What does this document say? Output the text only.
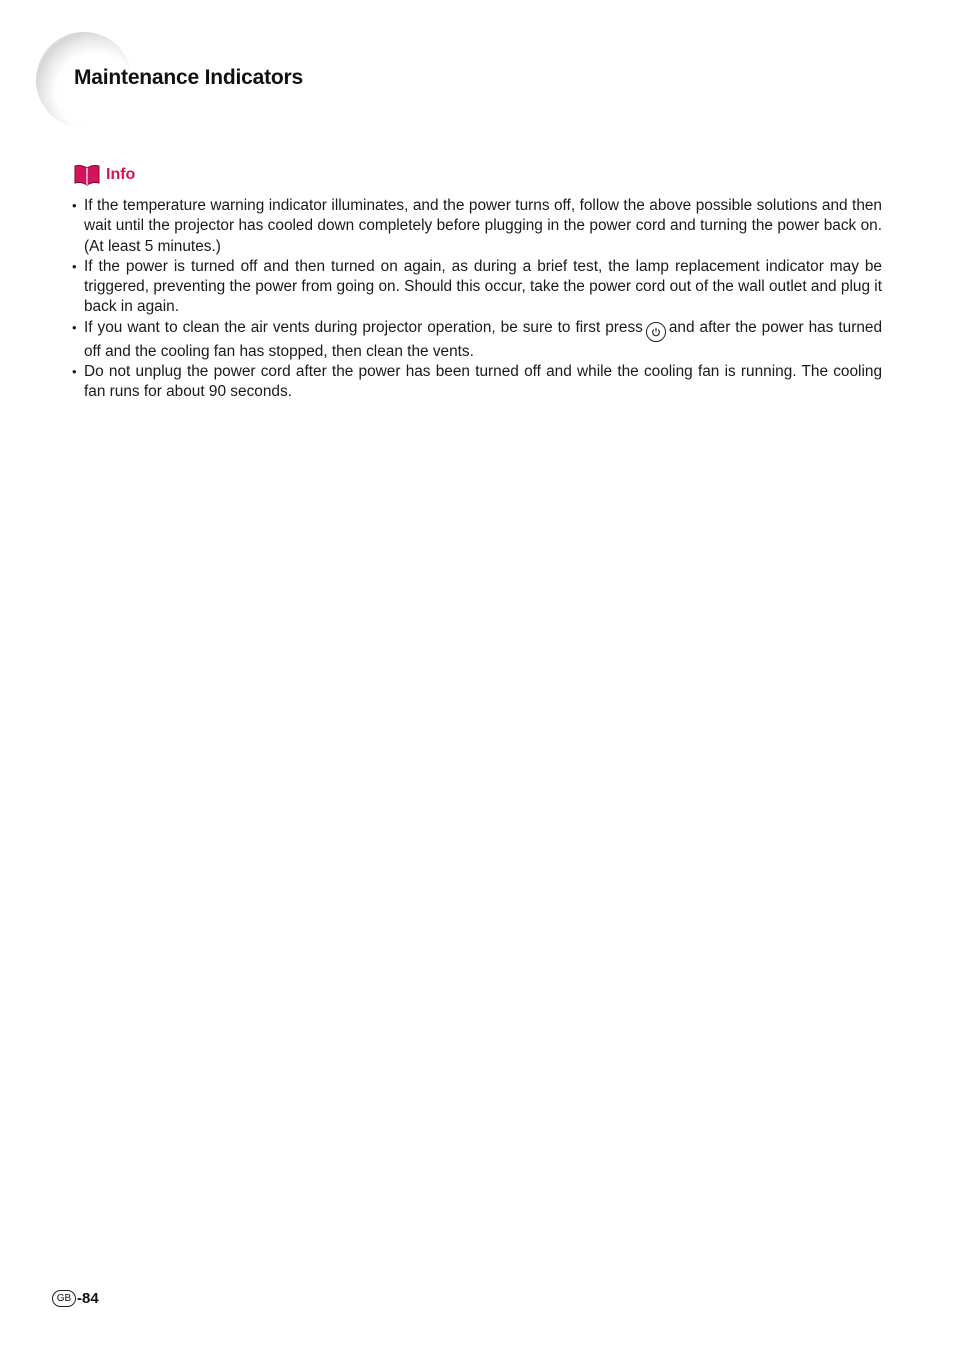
Maintenance Indicators
Info
• If the temperature warning indicator illuminates, and the power turns off, follow the above possible solutions and then wait until the projector has cooled down completely before plugging in the power cord and turning the power back on. (At least 5 minutes.)
• If the power is turned off and then turned on again, as during a brief test, the lamp replacement indicator may be triggered, preventing the power from going on. Should this occur, take the power cord out of the wall outlet and plug it back in again.
• If you want to clean the air vents during projector operation, be sure to first press and after the power has turned off and the cooling fan has stopped, then clean the vents.
• Do not unplug the power cord after the power has been turned off and while the cooling fan is running. The cooling fan runs for about 90 seconds.
GB -84
